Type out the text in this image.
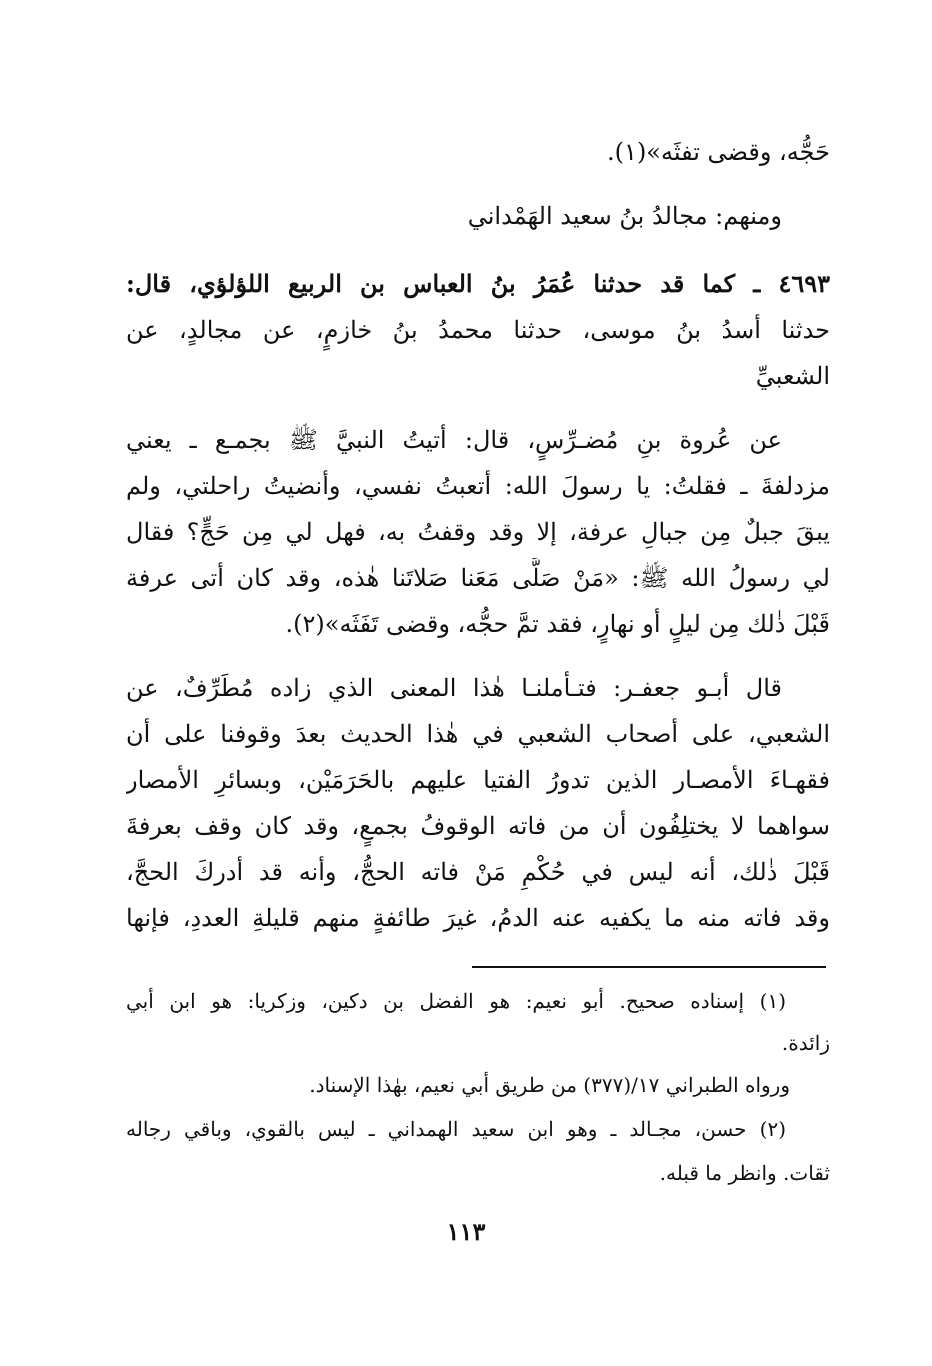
حَجُّه، وقضى تفثَه»(١).
ومنهم: مجالدُ بنُ سعيد الهَمْداني
٤٦٩٣ ـ كما قد حدثنا عُمَرُ بنُ العباس بن الربيع اللؤلؤي، قال:
حدثنا أسدُ بنُ موسى، حدثنا محمدُ بنُ خازمٍ، عن مجالدٍ، عن
الشعبيِّ
عن عُروة بنِ مُضـرِّسٍ، قال: أتيتُ النبيَّ ﷺ بجمـع ـ يعني
مزدلفةَ ـ فقلتُ: يا رسولَ الله: أتعبتُ نفسي، وأنضيتُ راحلتي، ولم
يبقَ جبلٌ مِن جبالِ عرفة، إلا وقد وقفتُ به، فهل لي مِن حَجٍّ؟ فقال
لي رسولُ الله ﷺ: «مَنْ صَلَّى مَعَنا صَلاتَنا هٰذه، وقد كان أتى عرفة
قَبْلَ ذٰلك مِن ليلٍ أو نهارٍ، فقد تمَّ حجُّه، وقضى تَفَثَه»(٢).
قال أبـو جعفـر: فتـأملنـا هٰذا المعنى الذي زاده مُطَرِّفٌ، عن
الشعبي، على أصحاب الشعبي في هٰذا الحديث بعدَ وقوفنا على أن
فقهـاءَ الأمصـار الذين تدورُ الفتيا عليهم بالحَرَمَيْن، وبسائرِ الأمصار
سواهما لا يختلِفُون أن من فاته الوقوفُ بجمعٍ، وقد كان وقف بعرفةَ
قَبْلَ ذٰلك، أنه ليس في حُكْمِ مَنْ فاته الحجُّ، وأنه قد أدركَ الحجَّ،
وقد فاته منه ما يكفيه عنه الدمُ، غيرَ طائفةٍ منهم قليلةِ العددِ، فإنها
(١) إسناده صحيح. أبو نعيم: هو الفضل بن دكين، وزكريا: هو ابن أبي
زائدة.
ورواه الطبراني ١٧/(٣٧٧) من طريق أبي نعيم، بهٰذا الإسناد.
(٢) حسن، مجـالد ـ وهو ابن سعيد الهمداني ـ ليس بالقوي، وباقي رجاله
ثقات. وانظر ما قبله.
١١٣
